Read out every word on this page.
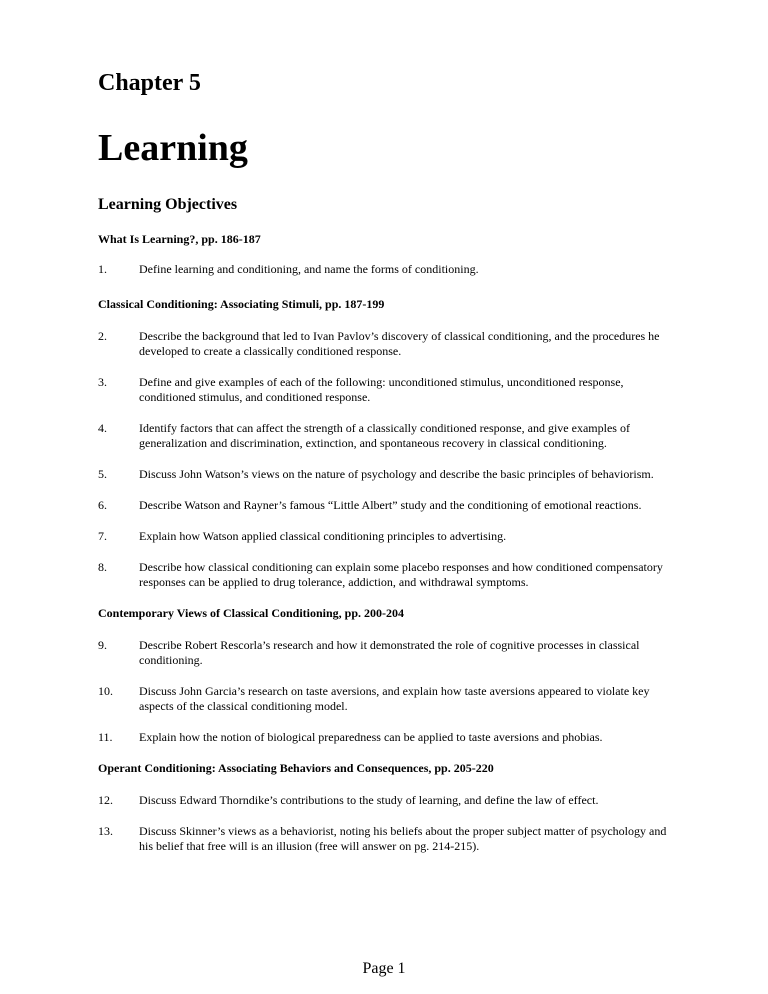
Chapter 5
Learning
Learning Objectives

What Is Learning?, pp. 186-187

1.	Define learning and conditioning, and name the forms of conditioning.

Classical Conditioning: Associating Stimuli, pp. 187-199

2.	Describe the background that led to Ivan Pavlov’s discovery of classical conditioning, and the procedures he developed to create a classically conditioned response.
3.	Define and give examples of each of the following: unconditioned stimulus, unconditioned response, conditioned stimulus, and conditioned response.
4.	Identify factors that can affect the strength of a classically conditioned response, and give examples of generalization and discrimination, extinction, and spontaneous recovery in classical conditioning.
5.	Discuss John Watson’s views on the nature of psychology and describe the basic principles of behaviorism.
6.	Describe Watson and Rayner’s famous “Little Albert” study and the conditioning of emotional reactions.
7.	Explain how Watson applied classical conditioning principles to advertising.
8.	Describe how classical conditioning can explain some placebo responses and how conditioned compensatory responses can be applied to drug tolerance, addiction, and withdrawal symptoms.

Contemporary Views of Classical Conditioning, pp. 200-204

9.	Describe Robert Rescorla’s research and how it demonstrated the role of cognitive processes in classical conditioning.
10.	Discuss John Garcia’s research on taste aversions, and explain how taste aversions appeared to violate key aspects of the classical conditioning model.
11.	Explain how the notion of biological preparedness can be applied to taste aversions and phobias.

Operant Conditioning: Associating Behaviors and Consequences, pp. 205-220

12.	Discuss Edward Thorndike’s contributions to the study of learning, and define the law of effect.
13.	Discuss Skinner’s views as a behaviorist, noting his beliefs about the proper subject matter of psychology and his belief that free will is an illusion (free will answer on pg. 214-215).
Page 1
